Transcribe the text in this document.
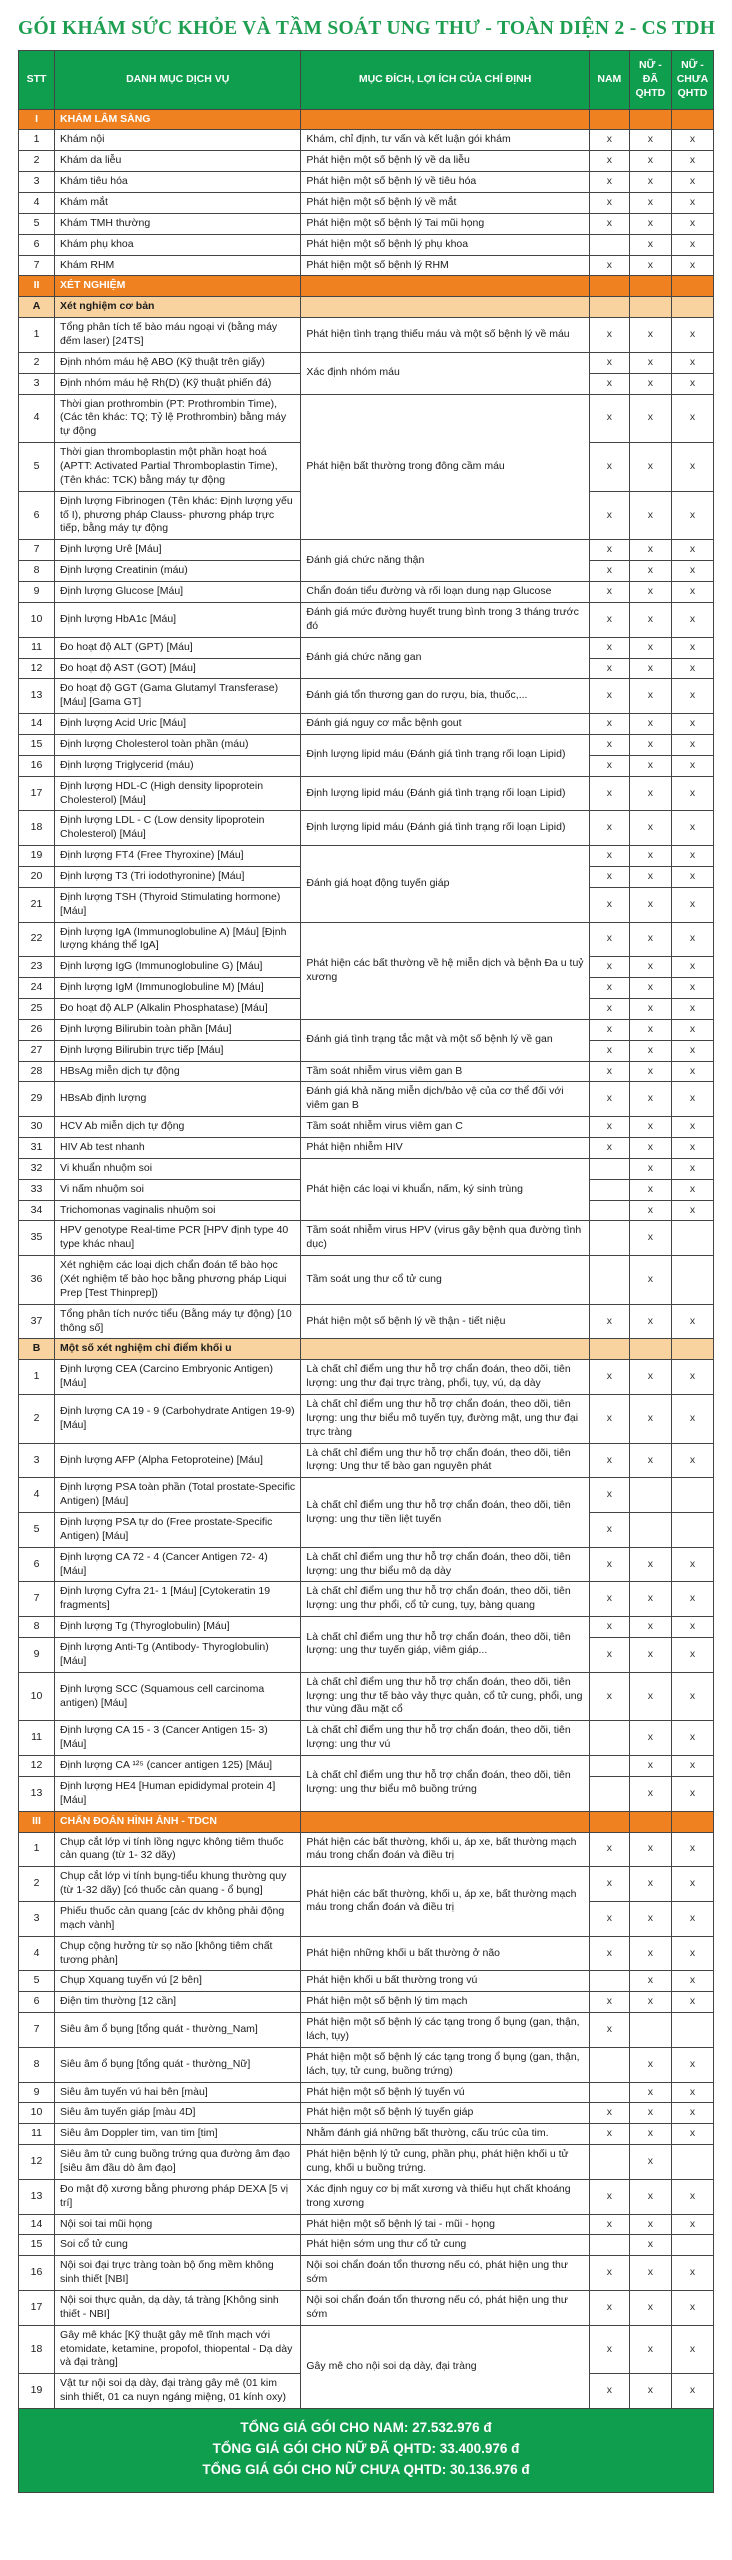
GÓI KHÁM SỨC KHỎE VÀ TẦM SOÁT UNG THƯ - TOÀN DIỆN 2 - CS TDH
STT	DANH MỤC DỊCH VỤ	MỤC ĐÍCH, LỢI ÍCH CỦA CHỈ ĐỊNH	NAM	NỮ - ĐÃ QHTD	NỮ - CHƯA QHTD
I	KHÁM LÂM SÀNG				
1	Khám nội	Khám, chỉ định, tư vấn và kết luận gói khám	x	x	x
2	Khám da liễu	Phát hiện một số bệnh lý về da liễu	x	x	x
3	Khám tiêu hóa	Phát hiện một số bệnh lý về tiêu hóa	x	x	x
4	Khám mắt	Phát hiện một số bệnh lý về mắt	x	x	x
5	Khám TMH thường	Phát hiện một số bệnh lý Tai mũi họng	x	x	x
6	Khám phụ khoa	Phát hiện một số bệnh lý phụ khoa		x	x
7	Khám RHM	Phát hiện một số bệnh lý RHM	x	x	x
II	XÉT NGHIỆM				
A	Xét nghiệm cơ bản				
1	Tổng phân tích tế bào máu ngoại vi (bằng máy đếm laser) [24TS]	Phát hiện tình trạng thiếu máu và một số bệnh lý về máu	x	x	x
2	Định nhóm máu hệ ABO (Kỹ thuật trên giấy)	Xác định nhóm máu	x	x	x
3	Định nhóm máu hệ Rh(D) (Kỹ thuật phiến đá)		x	x	x
4	Thời gian prothrombin (PT: Prothrombin Time), (Các tên khác: TQ; Tỷ lệ Prothrombin) bằng máy tự động	Phát hiện bất thường trong đông cầm máu	x	x	x
5	Thời gian thromboplastin một phần hoạt hoá (APTT: Activated Partial Thromboplastin Time), (Tên khác: TCK) bằng máy tự động		x	x	x
6	Định lượng Fibrinogen (Tên khác: Định lượng yếu tố I), phương pháp Clauss- phương pháp trực tiếp, bằng máy tự động		x	x	x
7	Định lượng Urê [Máu]	Đánh giá chức năng thận	x	x	x
8	Định lượng Creatinin (máu)		x	x	x
9	Định lượng Glucose [Máu]	Chẩn đoán tiểu đường và rối loạn dung nạp Glucose	x	x	x
10	Định lượng HbA1c [Máu]	Đánh giá mức đường huyết trung bình trong 3 tháng trước đó	x	x	x
11	Đo hoạt độ ALT (GPT) [Máu]	Đánh giá chức năng gan	x	x	x
12	Đo hoạt độ AST (GOT) [Máu]		x	x	x
13	Đo hoạt độ GGT (Gama Glutamyl Transferase) [Máu] [Gama GT]	Đánh giá tổn thương gan do rượu, bia, thuốc,...	x	x	x
14	Định lượng Acid Uric [Máu]	Đánh giá nguy cơ mắc bệnh gout	x	x	x
15	Định lượng Cholesterol toàn phần (máu)	Định lượng lipid máu (Đánh giá tình trạng rối loạn Lipid)	x	x	x
16	Định lượng Triglycerid (máu)		x	x	x
17	Định lượng HDL-C (High density lipoprotein Cholesterol) [Máu]	Định lượng lipid máu (Đánh giá tình trạng rối loạn Lipid)	x	x	x
18	Định lượng LDL - C (Low density lipoprotein Cholesterol) [Máu]	Định lượng lipid máu (Đánh giá tình trạng rối loạn Lipid)	x	x	x
19	Định lượng FT4 (Free Thyroxine) [Máu]	Đánh giá hoạt động tuyến giáp	x	x	x
20	Định lượng T3 (Tri iodothyronine) [Máu]		x	x	x
21	Định lượng TSH (Thyroid Stimulating hormone) [Máu]		x	x	x
22	Định lượng IgA (Immunoglobuline A) [Máu] [Định lượng kháng thể IgA]	Phát hiện các bất thường về hệ miễn dịch và bệnh Đa u tuỷ xương	x	x	x
23	Định lượng IgG (Immunoglobuline G) [Máu]		x	x	x
24	Định lượng IgM (Immunoglobuline M) [Máu]		x	x	x
25	Đo hoạt độ ALP (Alkalin Phosphatase) [Máu]		x	x	x
26	Định lượng Bilirubin toàn phần [Máu]	Đánh giá tình trạng tắc mật và một số bệnh lý về gan	x	x	x
27	Định lượng Bilirubin trực tiếp [Máu]		x	x	x
28	HBsAg miễn dịch tự động	Tầm soát nhiễm virus viêm gan B	x	x	x
29	HBsAb định lượng	Đánh giá khả năng miễn dịch/bảo vệ của cơ thể đối với viêm gan B	x	x	x
30	HCV Ab miễn dịch tự động	Tầm soát nhiễm virus viêm gan C	x	x	x
31	HIV Ab test nhanh	Phát hiện nhiễm HIV	x	x	x
32	Vi khuẩn nhuộm soi	Phát hiện các loại vi khuẩn, nấm, ký sinh trùng		x	x
33	Vi nấm nhuộm soi			x	x
34	Trichomonas vaginalis nhuộm soi			x	x
35	HPV genotype Real-time PCR [HPV định type 40 type khác nhau]	Tầm soát nhiễm virus HPV (virus gây bệnh qua đường tình dục)		x	
36	Xét nghiệm các loại dịch chẩn đoán tế bào học (Xét nghiệm tế bào học bằng phương pháp Liqui Prep [Test Thinprep])	Tầm soát ung thư cổ tử cung		x	
37	Tổng phân tích nước tiểu (Bằng máy tự động) [10 thông số]	Phát hiện một số bệnh lý về thận - tiết niệu	x	x	x
B	Một số xét nghiệm chỉ điểm khối u				
1	Định lượng CEA (Carcino Embryonic Antigen) [Máu]	Là chất chỉ điểm ung thư hỗ trợ chẩn đoán, theo dõi, tiên lượng: ung thư đại trực tràng, phổi, tụy, vú, dạ dày	x	x	x
2	Định lượng CA 19 - 9 (Carbohydrate Antigen 19-9) [Máu]	Là chất chỉ điểm ung thư hỗ trợ chẩn đoán, theo dõi, tiên lượng: ung thư biểu mô tuyến tụy, đường mật, ung thư đại trực tràng	x	x	x
3	Định lượng AFP (Alpha Fetoproteine) [Máu]	Là chất chỉ điểm ung thư hỗ trợ chẩn đoán, theo dõi, tiên lượng: Ung thư tế bào gan nguyên phát	x	x	x
4	Định lượng PSA toàn phần (Total prostate-Specific Antigen) [Máu]	Là chất chỉ điểm ung thư hỗ trợ chẩn đoán, theo dõi, tiên lượng: ung thư tiền liệt tuyến	x		
5	Định lượng PSA tự do (Free prostate-Specific Antigen) [Máu]		x		
6	Định lượng CA 72 - 4 (Cancer Antigen 72- 4) [Máu]	Là chất chỉ điểm ung thư hỗ trợ chẩn đoán, theo dõi, tiên lượng: ung thư biểu mô dạ dày	x	x	x
7	Định lượng Cyfra 21- 1 [Máu] [Cytokeratin 19 fragments]	Là chất chỉ điểm ung thư hỗ trợ chẩn đoán, theo dõi, tiên lượng: ung thư phổi, cổ tử cung, tụy, bàng quang	x	x	x
8	Định lượng Tg (Thyroglobulin) [Máu]	Là chất chỉ điểm ung thư hỗ trợ chẩn đoán, theo dõi, tiên lượng: ung thư tuyến giáp, viêm giáp...	x	x	x
9	Định lượng Anti-Tg (Antibody- Thyroglobulin) [Máu]		x	x	x
10	Định lượng SCC (Squamous cell carcinoma antigen) [Máu]	Là chất chỉ điểm ung thư hỗ trợ chẩn đoán, theo dõi, tiên lượng: ung thư tế bào vảy thực quản, cổ tử cung, phổi, ung thư vùng đầu mặt cổ	x	x	x
11	Định lượng CA 15 - 3 (Cancer Antigen 15- 3) [Máu]	Là chất chỉ điểm ung thư hỗ trợ chẩn đoán, theo dõi, tiên lượng: ung thư vú		x	x
12	Định lượng CA ¹²⁵ (cancer antigen 125) [Máu]	Là chất chỉ điểm ung thư hỗ trợ chẩn đoán, theo dõi, tiên lượng: ung thư biểu mô buồng trứng		x	x
13	Định lượng HE4 [Human epididymal protein 4] [Máu]			x	x
III	CHẨN ĐOÁN HÌNH ẢNH - TDCN				
1	Chụp cắt lớp vi tính lồng ngực không tiêm thuốc cản quang (từ 1- 32 dãy)	Phát hiện các bất thường, khối u, áp xe, bất thường mạch máu trong chẩn đoán và điều trị	x	x	x
2	Chụp cắt lớp vi tính bụng-tiểu khung thường quy (từ 1-32 dãy) [có thuốc cản quang - ổ bụng]	Phát hiện các bất thường, khối u, áp xe, bất thường mạch máu trong chẩn đoán và điều trị	x	x	x
3	Phiếu thuốc cản quang [các dv không phải động mạch vành]		x	x	x
4	Chụp cộng hưởng từ sọ não [không tiêm chất tương phản]	Phát hiện những khối u bất thường ở não	x	x	x
5	Chụp Xquang tuyến vú [2 bên]	Phát hiện khối u bất thường trong vú		x	x
6	Điện tim thường [12 cần]	Phát hiện một số bệnh lý tim mạch	x	x	x
7	Siêu âm ổ bụng [tổng quát - thường_Nam]	Phát hiện một số bệnh lý các tạng trong ổ bụng (gan, thận, lách, tụy)	x		
8	Siêu âm ổ bụng [tổng quát - thường_Nữ]	Phát hiện một số bệnh lý các tạng trong ổ bụng (gan, thận, lách, tụy, tử cung, buồng trứng)		x	x
9	Siêu âm tuyến vú hai bên [màu]	Phát hiện một số bệnh lý tuyến vú		x	x
10	Siêu âm tuyến giáp [màu 4D]	Phát hiện một số bệnh lý tuyến giáp	x	x	x
11	Siêu âm Doppler tim, van tim [tim]	Nhằm đánh giá những bất thường, cấu trúc của tim.	x	x	x
12	Siêu âm tử cung buồng trứng qua đường âm đạo [siêu âm đầu dò âm đạo]	Phát hiện bệnh lý tử cung, phần phụ, phát hiện khối u tử cung, khối u buồng trứng.		x	
13	Đo mật độ xương bằng phương pháp DEXA [5 vị trí]	Xác định nguy cơ bị mất xương và thiếu hụt chất khoáng trong xương	x	x	x
14	Nội soi tai mũi họng	Phát hiện một số bệnh lý tai - mũi - họng	x	x	x
15	Soi cổ tử cung	Phát hiện sớm ung thư cổ tử cung		x	
16	Nội soi đại trực tràng toàn bộ ống mềm không sinh thiết [NBI]	Nội soi chẩn đoán tổn thương nếu có, phát hiện ung thư sớm	x	x	x
17	Nội soi thực quản, dạ dày, tá tràng [Không sinh thiết - NBI]	Nội soi chẩn đoán tổn thương nếu có, phát hiện ung thư sớm	x	x	x
18	Gây mê khác [Kỹ thuật gây mê tĩnh mạch với etomidate, ketamine, propofol, thiopental - Dạ dày và đại tràng]	Gây mê cho nội soi dạ dày, đại tràng	x	x	x
19	Vật tư nội soi dạ dày, đại tràng gây mê (01 kim sinh thiết, 01 ca nuyn ngáng miệng, 01 kính oxy)		x	x	x
TỔNG GIÁ GÓI CHO NAM: 27.532.976 đ
TỔNG GIÁ GÓI CHO NỮ ĐÃ QHTD: 33.400.976 đ
TỔNG GIÁ GÓI CHO NỮ CHƯA QHTD: 30.136.976 đ
